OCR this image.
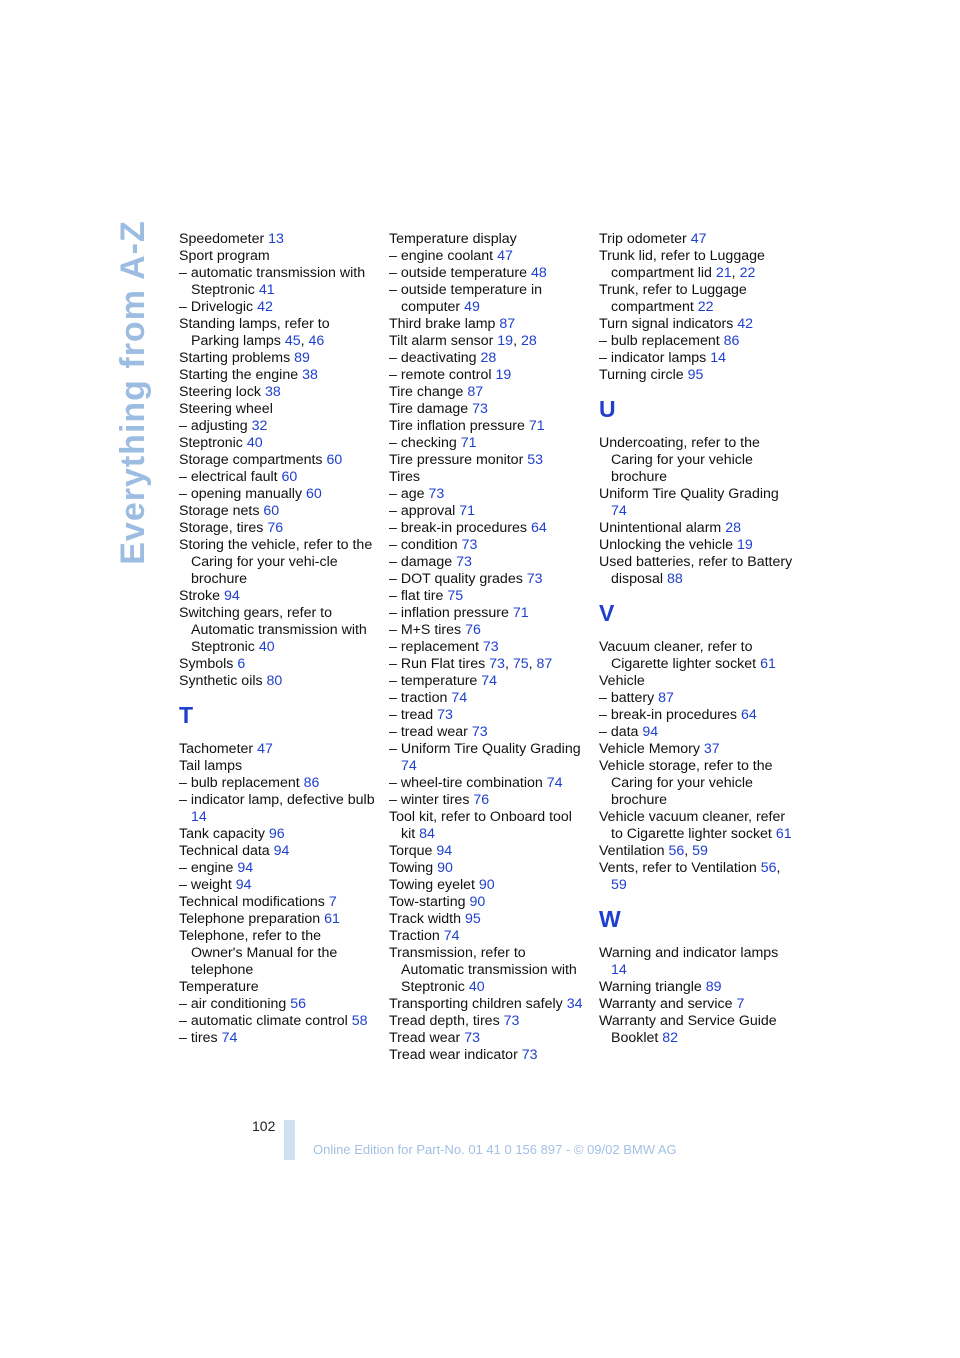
Everything from A-Z Speedometer 13
Sport program
– automatic transmission with Steptronic 41
– Drivelogic 42
Standing lamps, refer to Parking lamps 45, 46
Starting problems 89
Starting the engine 38
Steering lock 38
Steering wheel
– adjusting 32
Steptronic 40
Storage compartments 60
– electrical fault 60
– opening manually 60
Storage nets 60
Storage, tires 76
Storing the vehicle, refer to the Caring for your vehi-cle brochure
Stroke 94
Switching gears, refer to Automatic transmission with Steptronic 40
Symbols 6
Synthetic oils 80
T
Tachometer 47
Tail lamps
– bulb replacement 86
– indicator lamp, defective bulb 14
Tank capacity 96
Technical data 94
– engine 94
– weight 94
Technical modifications 7
Telephone preparation 61
Telephone, refer to the Owner's Manual for the telephone
Temperature
– air conditioning 56
– automatic climate control 58
– tires 74
Temperature display
– engine coolant 47
– outside temperature 48
– outside temperature in computer 49
Third brake lamp 87
Tilt alarm sensor 19, 28
– deactivating 28
– remote control 19
Tire change 87
Tire damage 73
Tire inflation pressure 71
– checking 71
Tire pressure monitor 53
Tires
– age 73
– approval 71
– break-in procedures 64
– condition 73
– damage 73
– DOT quality grades 73
– flat tire 75
– inflation pressure 71
– M+S tires 76
– replacement 73
– Run Flat tires 73, 75, 87
– temperature 74
– traction 74
– tread 73
– tread wear 73
– Uniform Tire Quality Grading 74
– wheel-tire combination 74
– winter tires 76
Tool kit, refer to Onboard tool kit 84
Torque 94
Towing 90
Towing eyelet 90
Tow-starting 90
Track width 95
Traction 74
Transmission, refer to Automatic transmission with Steptronic 40
Transporting children safely 34
Tread depth, tires 73
Tread wear 73
Tread wear indicator 73
Trip odometer 47
Trunk lid, refer to Luggage compartment lid 21, 22
Trunk, refer to Luggage compartment 22
Turn signal indicators 42
– bulb replacement 86
– indicator lamps 14
Turning circle 95
U
Undercoating, refer to the Caring for your vehicle brochure
Uniform Tire Quality Grading 74
Unintentional alarm 28
Unlocking the vehicle 19
Used batteries, refer to Battery disposal 88
V
Vacuum cleaner, refer to Cigarette lighter socket 61
Vehicle
– battery 87
– break-in procedures 64
– data 94
Vehicle Memory 37
Vehicle storage, refer to the Caring for your vehicle brochure
Vehicle vacuum cleaner, refer to Cigarette lighter socket 61
Ventilation 56, 59
Vents, refer to Ventilation 56, 59
W
Warning and indicator lamps 14
Warning triangle 89
Warranty and service 7
Warranty and Service Guide Booklet 82
102
Online Edition for Part-No. 01 41 0 156 897 - © 09/02 BMW AG
